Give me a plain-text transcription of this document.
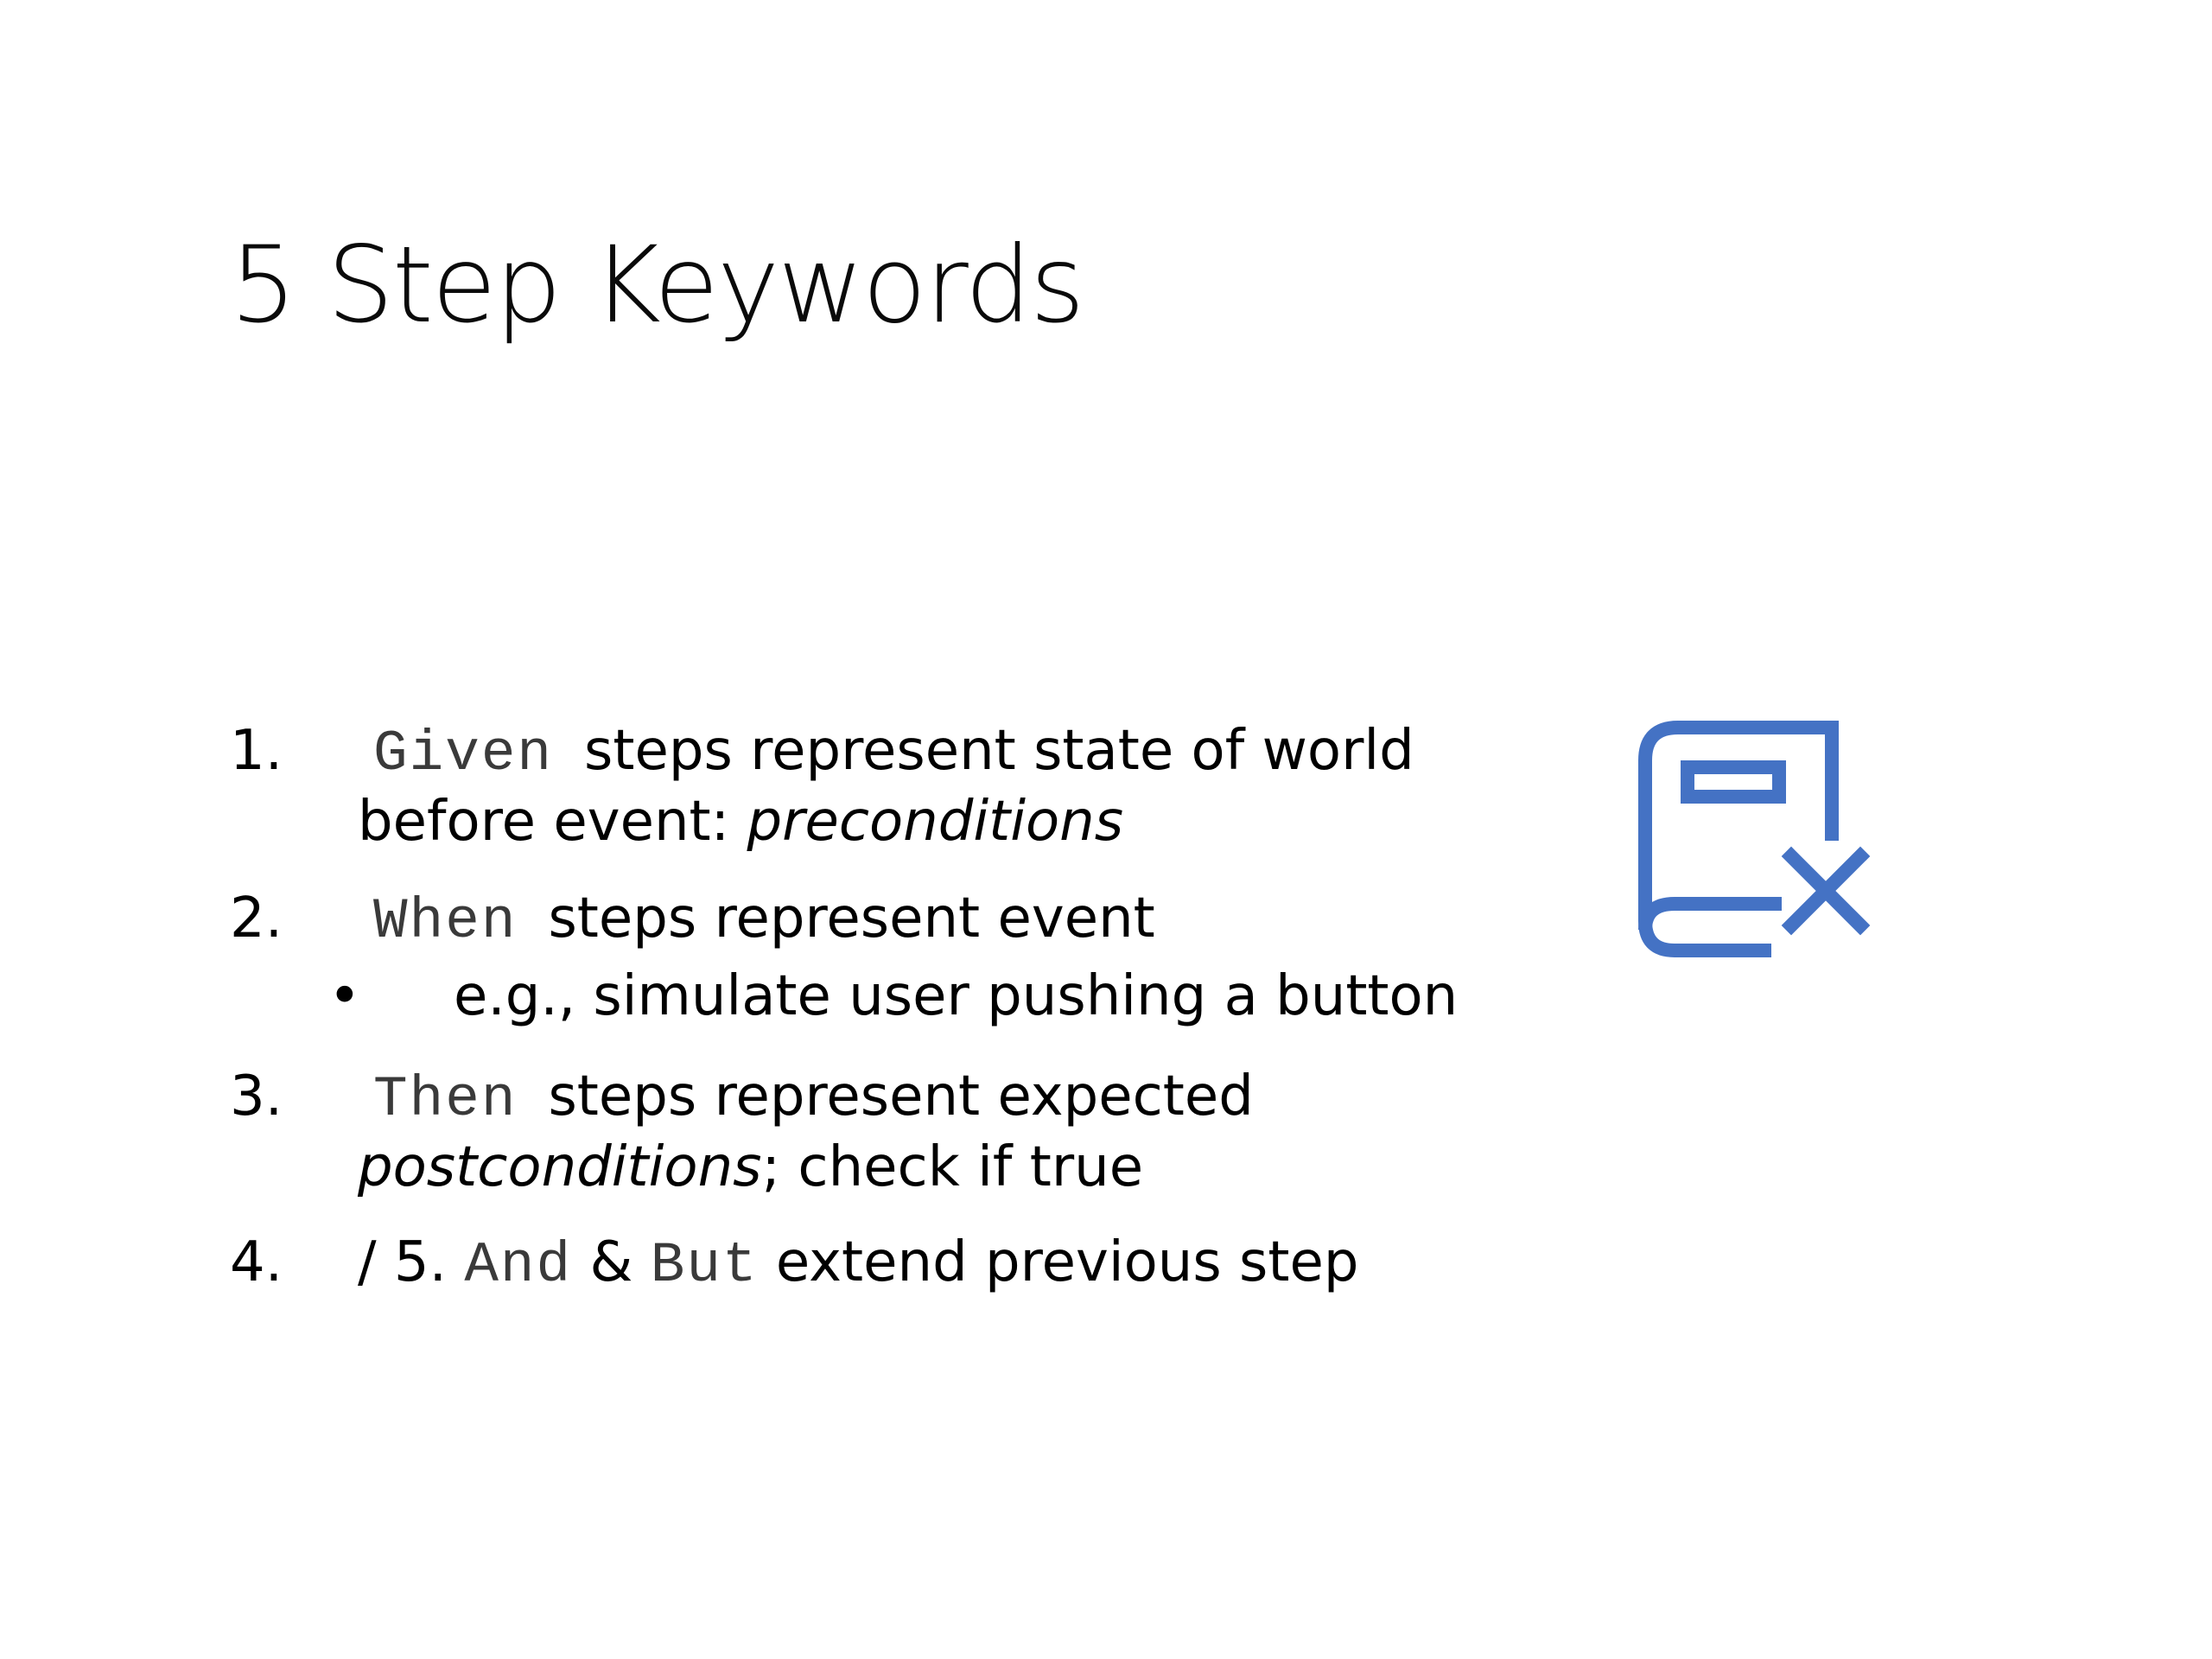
5 Step Keywords
1. Given steps represent state of world
before event: preconditions
2. When steps represent event
• e.g., simulate user pushing a button
3. Then steps represent expected
postconditions; check if true
4. / 5. And & But extend previous step
